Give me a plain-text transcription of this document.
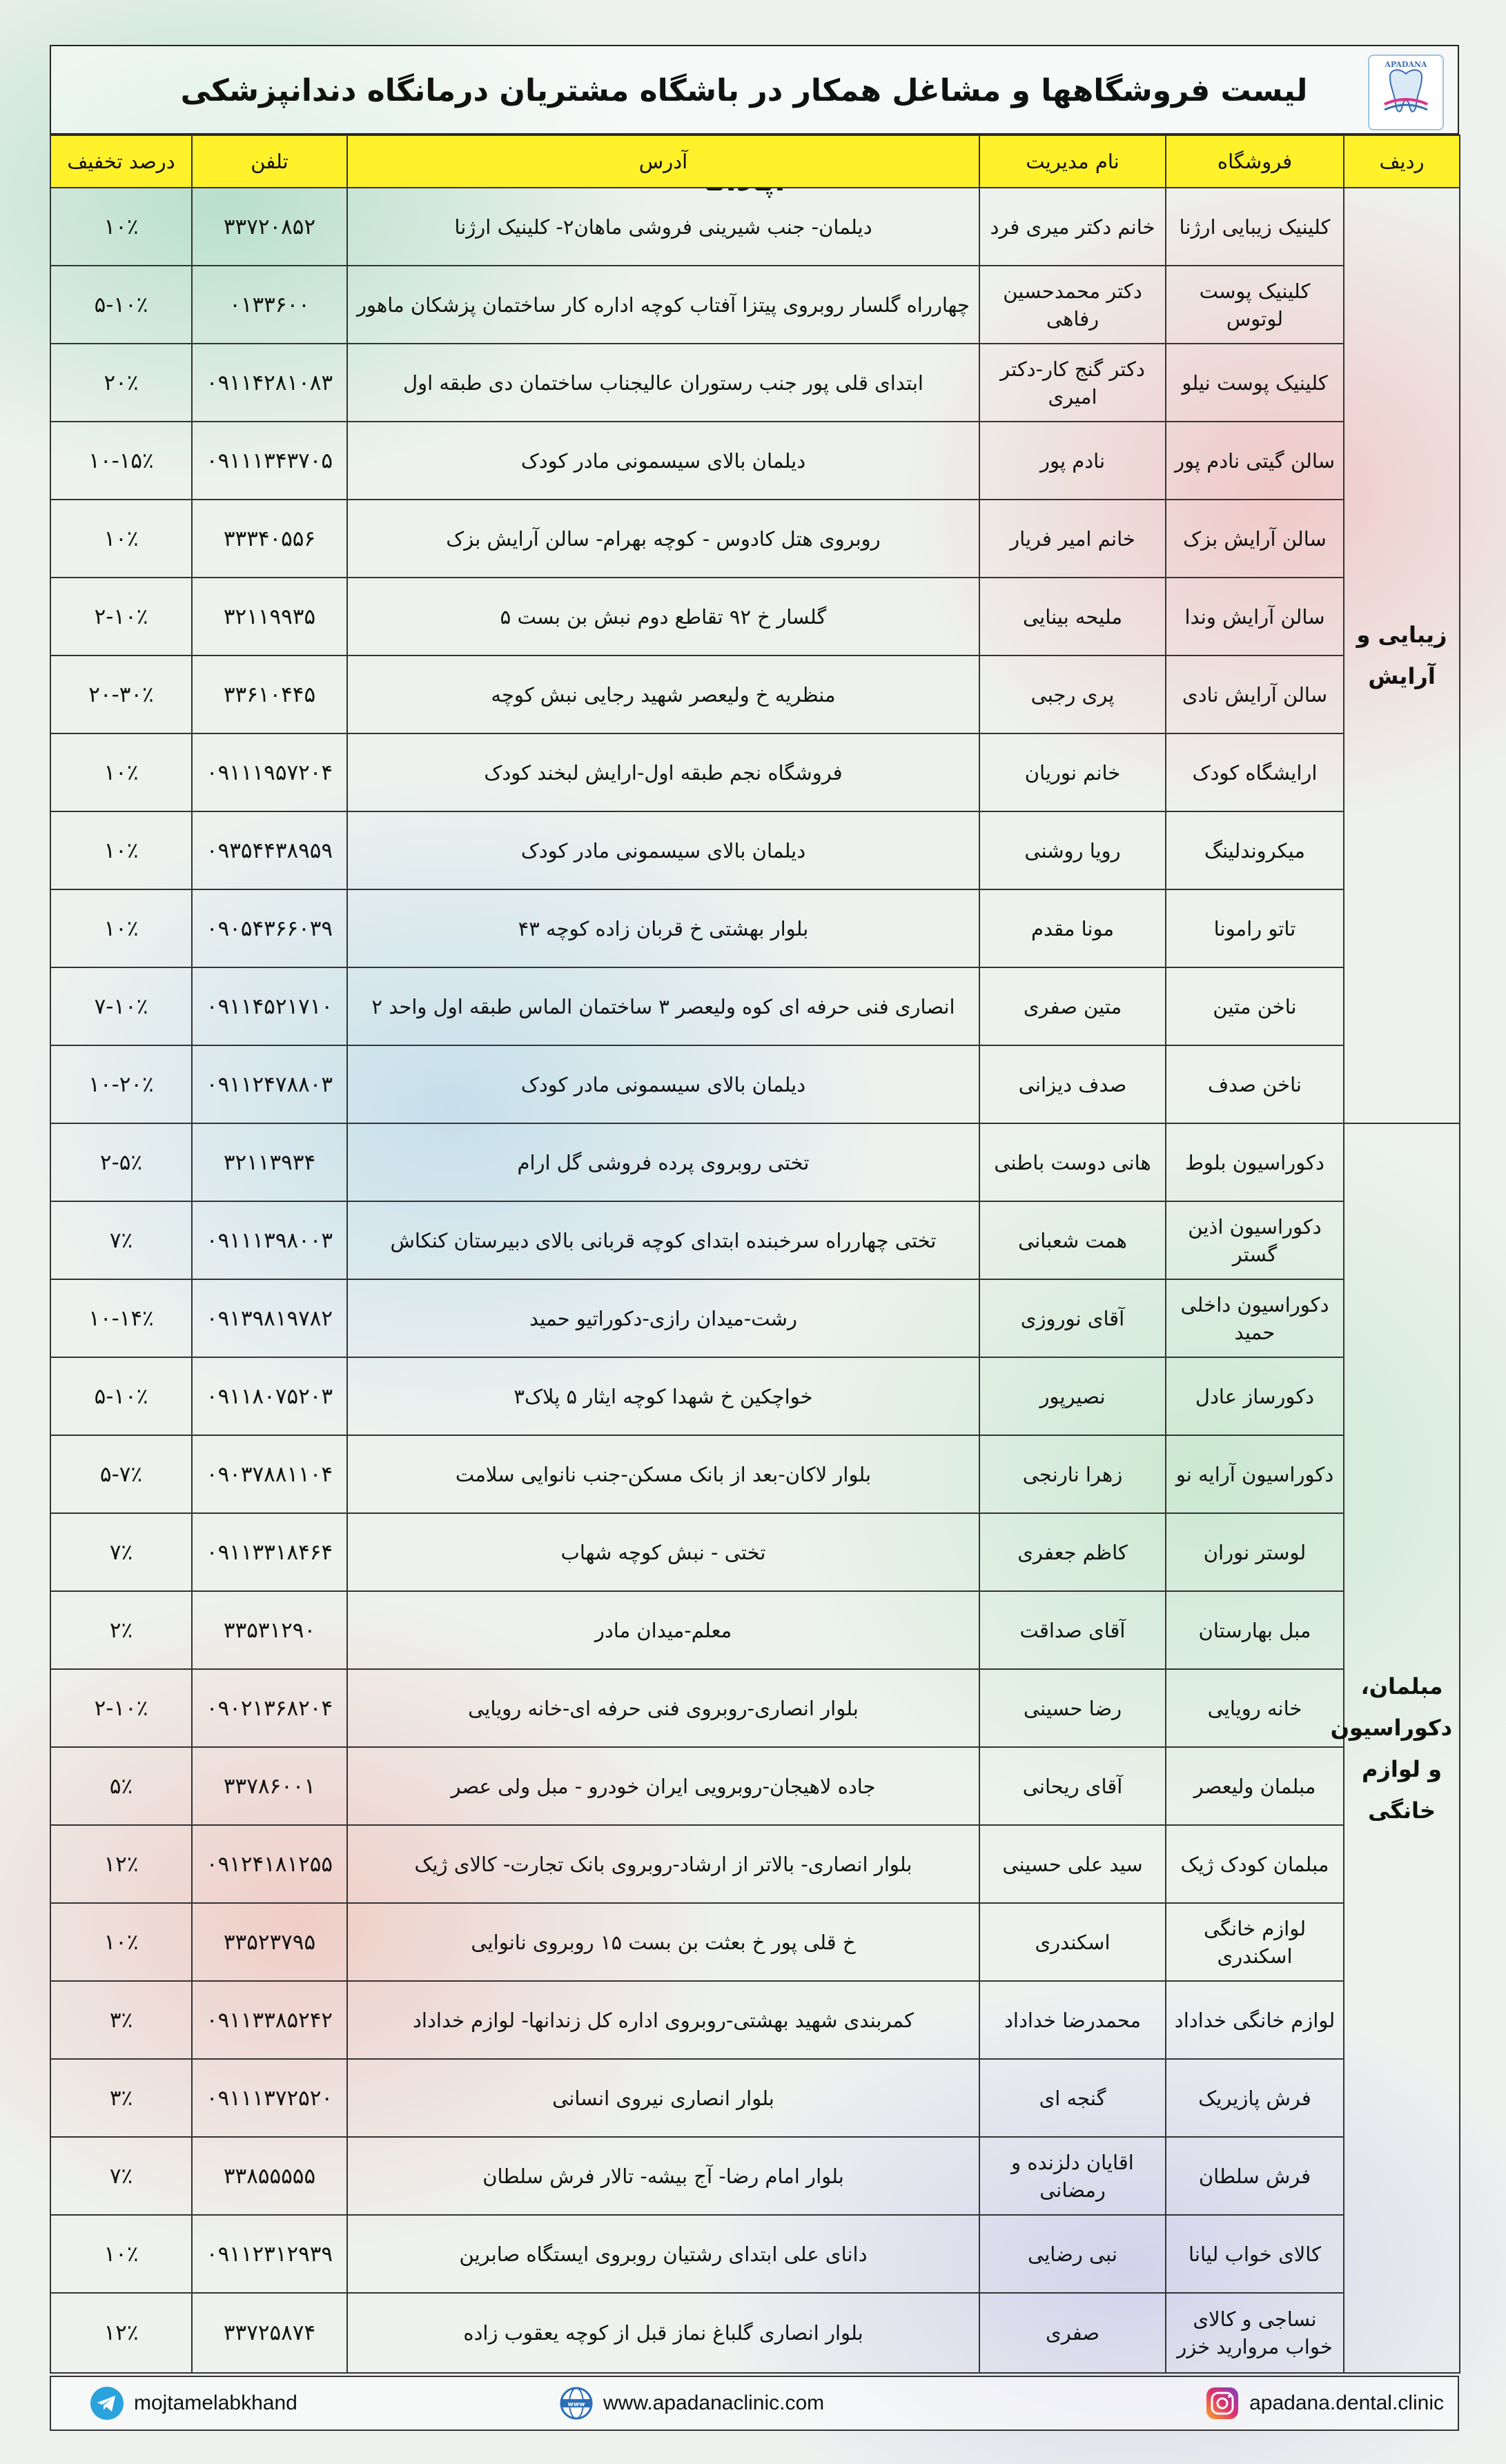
لیست فروشگاهها و مشاغل همکار در باشگاه مشتریان درمانگاه دندانپزشکی
APADANA
ردیف	فروشگاه	نام مدیریت	آدرس	تلفن	درصد تخفیف
زیبایی و آرایش	کلینیک زیبایی ارژنا	خانم دکتر میری فرد	دیلمان- جنب شیرینی فروشی ماهان۲- کلینیک ارژنا	۳۳۷۲۰۸۵۲	۱۰٪
	کلینیک پوست لوتوس	دکتر محمدحسین رفاهی	چهارراه گلسار روبروی پیتزا آفتاب کوچه اداره کار ساختمان پزشکان ماهور	۰۱۳۳۶۰۰	۵-۱۰٪
	کلینیک پوست نیلو	دکتر گنج کار-دکتر امیری	ابتدای قلی پور جنب رستوران عالیجناب ساختمان دی طبقه اول	۰۹۱۱۴۲۸۱۰۸۳	۲۰٪
	سالن گیتی نادم پور	نادم پور	دیلمان بالای سیسمونی مادر کودک	۰۹۱۱۱۳۴۳۷۰۵	۱۰-۱۵٪
	سالن آرایش بزک	خانم امیر فریار	روبروی هتل کادوس - کوچه بهرام- سالن آرایش بزک	۳۳۳۴۰۵۵۶	۱۰٪
	سالن آرایش وندا	ملیحه بینایی	گلسار خ ۹۲ تقاطع دوم نبش بن بست ۵	۳۲۱۱۹۹۳۵	۲-۱۰٪
	سالن آرایش نادی	پری رجبی	منظریه خ ولیعصر شهید رجایی نبش کوچه	۳۳۶۱۰۴۴۵	۲۰-۳۰٪
	ارایشگاه کودک	خانم نوریان	فروشگاه نجم طبقه اول-ارایش لبخند کودک	۰۹۱۱۱۹۵۷۲۰۴	۱۰٪
	میکروندلینگ	رویا روشنی	دیلمان بالای سیسمونی مادر کودک	۰۹۳۵۴۴۳۸۹۵۹	۱۰٪
	تاتو رامونا	مونا مقدم	بلوار بهشتی خ قربان زاده کوچه ۴۳	۰۹۰۵۴۳۶۶۰۳۹	۱۰٪
	ناخن متین	متین صفری	انصاری فنی حرفه ای کوه ولیعصر ۳ ساختمان الماس طبقه اول واحد ۲	۰۹۱۱۴۵۲۱۷۱۰	۷-۱۰٪
	ناخن صدف	صدف دیزانی	دیلمان بالای سیسمونی مادر کودک	۰۹۱۱۲۴۷۸۸۰۳	۱۰-۲۰٪
مبلمان، دکوراسیون و لوازم خانگی	دکوراسیون بلوط	هانی دوست باطنی	تختی روبروی پرده فروشی گل ارام	۳۲۱۱۳۹۳۴	۲-۵٪
	دکوراسیون اذین گستر	همت شعبانی	تختی چهارراه سرخبنده ابتدای کوچه قربانی بالای دبیرستان کنکاش	۰۹۱۱۱۳۹۸۰۰۳	۷٪
	دکوراسیون داخلی حمید	آقای نوروزی	رشت-میدان رازی-دکوراتیو حمید	۰۹۱۳۹۸۱۹۷۸۲	۱۰-۱۴٪
	دکورساز عادل	نصیرپور	خواچکین خ شهدا کوچه ایثار ۵ پلاک۳	۰۹۱۱۸۰۷۵۲۰۳	۵-۱۰٪
	دکوراسیون آرایه نو	زهرا نارنجی	بلوار لاکان-بعد از بانک مسکن-جنب نانوایی سلامت	۰۹۰۳۷۸۸۱۱۰۴	۵-۷٪
	لوستر نوران	کاظم جعفری	تختی - نبش کوچه شهاب	۰۹۱۱۳۳۱۸۴۶۴	۷٪
	مبل بهارستان	آقای صداقت	معلم-میدان مادر	۳۳۵۳۱۲۹۰	۲٪
	خانه رویایی	رضا حسینی	بلوار انصاری-روبروی فنی حرفه ای-خانه رویایی	۰۹۰۲۱۳۶۸۲۰۴	۲-۱۰٪
	مبلمان ولیعصر	آقای ریحانی	جاده لاهیجان-روبرویی ایران خودرو - مبل ولی عصر	۳۳۷۸۶۰۰۱	۵٪
	مبلمان کودک ژیک	سید علی حسینی	بلوار انصاری- بالاتر از ارشاد-روبروی بانک تجارت- کالای ژیک	۰۹۱۲۴۱۸۱۲۵۵	۱۲٪
	لوازم خانگی اسکندری	اسکندری	خ قلی پور خ بعثت بن بست ۱۵ روبروی نانوایی	۳۳۵۲۳۷۹۵	۱۰٪
	لوازم خانگی خداداد	محمدرضا خداداد	کمربندی شهید بهشتی-روبروی اداره کل زندانها- لوازم خداداد	۰۹۱۱۳۳۸۵۲۴۲	۳٪
	فرش پازیریک	گنجه ای	بلوار انصاری نیروی انسانی	۰۹۱۱۱۳۷۲۵۲۰	۳٪
	فرش سلطان	اقایان دلزنده و رمضانی	بلوار امام رضا- آج بیشه- تالار فرش سلطان	۳۳۸۵۵۵۵۵	۷٪
	کالای خواب لیانا	نبی رضایی	دانای علی ابتدای رشتیان روبروی ایستگاه صابرین	۰۹۱۱۲۳۱۲۹۳۹	۱۰٪
	نساجی و کالای خواب مروارید خزر	صفری	بلوار انصاری گلباغ نماز قبل از کوچه یعقوب زاده	۳۳۷۲۵۸۷۴	۱۲٪
mojtamelabkhand	www www.apadanaclinic.com	apadana.dental.clinic
